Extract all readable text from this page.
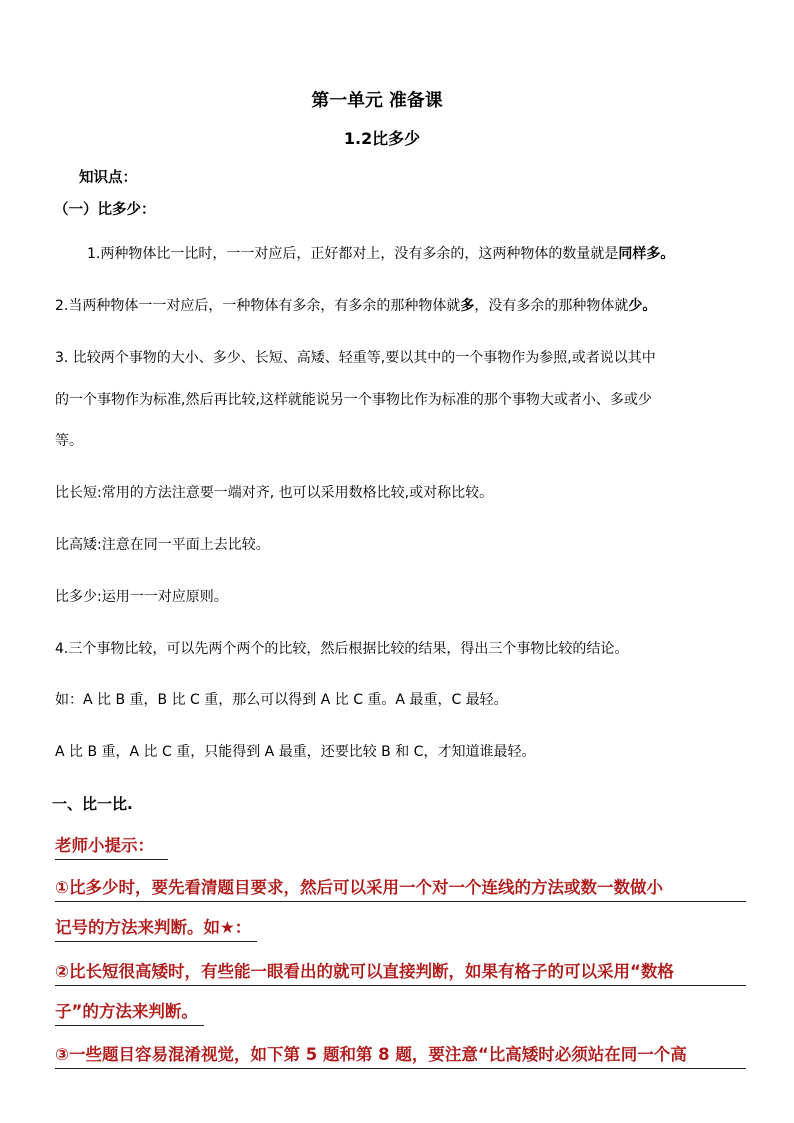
第一单元 准备课
1.2比多少

知识点：

（一）比多少：

1.两种物体比一比时，一一对应后，正好都对上，没有多余的，这两种物体的数量就是同样多。

2.当两种物体一一对应后，一种物体有多余，有多余的那种物体就多，没有多余的那种物体就少。

3. 比较两个事物的大小、多少、长短、高矮、轻重等,要以其中的一个事物作为参照,或者说以其中

的一个事物作为标准,然后再比较,这样就能说另一个事物比作为标准的那个事物大或者小、多或少

等。

比长短:常用的方法注意要一端对齐, 也可以采用数格比较,或对称比较。

比高矮:注意在同一平面上去比较。

比多少:运用一一对应原则。

4.三个事物比较，可以先两个两个的比较，然后根据比较的结果，得出三个事物比较的结论。

如：A 比 B 重，B 比 C 重，那么可以得到 A 比 C 重。A 最重，C 最轻。

A 比 B 重，A 比 C 重，只能得到 A 最重，还要比较 B 和 C，才知道谁最轻。

一、比一比.

老师小提示：

①比多少时，要先看清题目要求，然后可以采用一个对一个连线的方法或数一数做小

记号的方法来判断。如★：

②比长短很高矮时，有些能一眼看出的就可以直接判断，如果有格子的可以采用“数格

子”的方法来判断。

③一些题目容易混淆视觉，如下第 5 题和第 8 题，要注意“比高矮时必须站在同一个高
